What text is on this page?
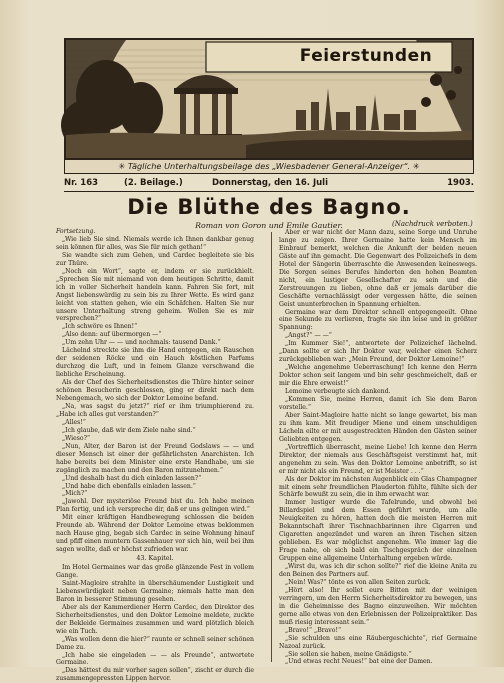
Feierstunden
✳ Tägliche Unterhaltungsbeilage des „Wiesbadener General-Anzeiger“. ✳
Nr. 163	(2. Beilage.)	Donnerstag, den 16. Juli	1903.
Die Blüthe des Bagno.
Roman von Goron und Emile Gautier.

Fortsetzung.

„Wie lieb Sie sind. Niemals werde ich Ihnen dankbar genug sein können für alles, was Sie für mich gethan!“

Sie wandte sich zum Gehen, und Cardec begleitete sie bis zur Thüre.

„Noch ein Wort“, sagte er, indem er sie zurückhielt. „Sprechen Sie mit niemand von dem heutigen Schritte, damit ich in voller Sicherheit handeln kann. Fahren Sie fort, mit Angst liebenswürdig zu sein bis zu Ihrer Wette. Es wird ganz leicht von statten gehen, wie ein Schäfchen. Halten Sie nur unsere Unterhaltung streng geheim. Wollen Sie es mir versprechen?“

„Ich schwöre es Ihnen!“

„Also denn: auf übermorgen —“

„Um zehn Uhr — — und nochmals: tausend Dank.“

Lächelnd streckte sie ihm die Hand entgegen, ein Rauschen der seidenen Röcke und ein Hauch köstlichen Parfums durchzog die Luft, und in feinem Glanze verschwand die liebliche Erscheinung.

Als der Chef des Sicherheitsdienstes die Thüre hinter seiner schönen Besucherin geschlossen, ging er direkt nach dem Nebengemach, wo sich der Doktor Lemoine befand.

„Na, was sagst du jetzt?“ rief er ihm triumphierend zu. „Habe ich alles gut verstanden?“

„Alles!“

„Ich glaube, daß wir dem Ziele nahe sind.“

„Wieso?“

„Nun, Alter, der Baron ist der Freund Godslaws — — und dieser Mensch ist einer der gefährlichsten Anarchisten. Ich habe bereits bei dem Minister eine erste Handhabe, um sie zugänglich zu machen und den Baron mitzunehmen.“

„Und deshalb hast du dich einladen lassen?“

„Und habe dich ebenfalls einladen lassen.“

„Mich?“

„Jawohl. Der mysteriöse Freund bist du. Ich habe meinen Plan fertig, und ich verspreche dir, daß er uns gelingen wird.“

Mit einer kräftigen Handbewegung schlossen die beiden Freunde ab. Während der Doktor Lemoine etwas beklommen nach Hause ging, begab sich Cardec in seine Wohnung hinauf und pfiff einen muntern Gassenhauer vor sich hin, weil bei ihm sagen wollte, daß er höchst zufrieden war.

43. Kapitel.

Im Hotel Germaines war das große glänzende Fest in vollem Gange.

Saint-Magloire strahlte in überschäumender Lustigkeit und Liebenswürdigkeit neben Germaine; niemals hatte man den Baron in besserer Stimmung gesehen.

Aber als der Kammerdiener Herrn Cardec, den Direktor des Sicherheitsdienstes, und den Doktor Lemoine meldete, zuckte der Bekleide Germaines zusammen und ward plötzlich bleich wie ein Tuch.

„Was wollen denn die hier?“ raunte er schnell seiner schönen Dame zu.

„Ich habe sie eingeladen — — als Freunde“, antwortete Germaine.

„Das hättest du mir vorher sagen sollen“, zischt er durch die zusammengepressten Lippen hervor.

Aber er war nicht der Mann dazu, seine Sorge und Unruhe lange zu zeigen. Ihrer Germaine hatte kein Mensch im Einbrauf bemerkt, welchen die Ankunft der beiden neuen Gäste auf ihn gemacht. Die Gegenwart des Polizeichefs in dem Hotel der Sängerin überraschte die Anwesenden keineswegs. Die Sorgen seines Berufes hinderten den hohen Beamten nicht, ein lustiger Gesellschafter zu sein und die Zerstreuungen zu lieben, ohne daß er jemals darüber die Geschäfte vernachlässigt oder vergessen hätte, die seinen Geist ununterbrochen in Spannung erhielten.

Germaine war dem Direktor schnell entgegengeeilt. Ohne eine Sekunde zu verlieren, fragte sie ihn leise und in größter Spannung:

„Angst?“ — —“

„Im Kummer Sie!“, antwortete der Polizeichef lächelnd. „Dann sollte er sich Ihr Doktor war, welcher einen Scherz zurückgeblieben war: „Mein Freund, der Doktor Lemoine!“

„Welche angenehme Ueberraschung! Ich kenne den Herrn Doktor schon seit langem und bin sehr geschmeichelt, daß er mir die Ehre erweist!“

Lemoine verbeugte sich dankend.

„Kommen Sie, meine Herren, damit ich Sie dem Baron vorstelle.“

Aber Saint-Magloire hatte nicht so lange gewartet, bis man zu ihm kam. Mit freudiger Miene und einem unschuldigen Lächeln eilte er mit ausgestreckten Händen den Gästen seiner Geliebten entgegen.

„Vortrefflich überrascht, meine Liebe! Ich kenne den Herrn Direktor, der niemals aus Geschäftsgeist verstimmt hat, mit angenehm zu sein. Was den Doktor Lemoine anbetrifft, so ist er mir nicht als ein Freund, er ist Meister . . .“

Als der Doktor im nächsten Augenblick ein Glas Champagner mit einem sehr freundlichen Plauderton fühlte, fühlte sich der Schärfe bewußt zu sein, die in ihm erwacht war.

Immer lustiger wurde die Tafelrunde, und obwohl bei Billardspiel und dem Essen geführt wurde, um alle Neuigkeiten zu hören, hatten doch die meisten Herren mit Bekanntschaft ihrer Tischnachbarinnen ihre Cigarren und Cigaretten angezündet und waren an ihren Tischen sitzen geblieben. Es war möglichst angenehm. Wie immer lag die Frage nahe, ob sich bald ein Tischgespräch der einzelnen Gruppen eine allgemeine Unterhaltung ergeben würde.

„Wirst du, was ich dir schon sollte?“ rief die kleine Anita zu den Beinen des Partners auf.

„Nein! Was?“ tönte es von allen Seiten zurück.

„Hört also! Ihr sollet eure Bitten mit der weinigen verringern, um den Herrn Sicherheitsdirektor zu bewegen, uns in die Geheimnisse des Bagno einzuweihen. Wir möchten gerne alle etwas von den Erlebnissen der Polizeipraktiker. Das muß riesig interessant sein.“

„Bravo!“ „Bravo!“

„Sie schulden uns eine Räubergeschichte“, rief Germaine Nazoal zurück.

„Sie sollen sie haben, meine Gnädigste.“

„Und etwas recht Neues!“ bat eine der Damen.

(Nachdruck verboten.)
